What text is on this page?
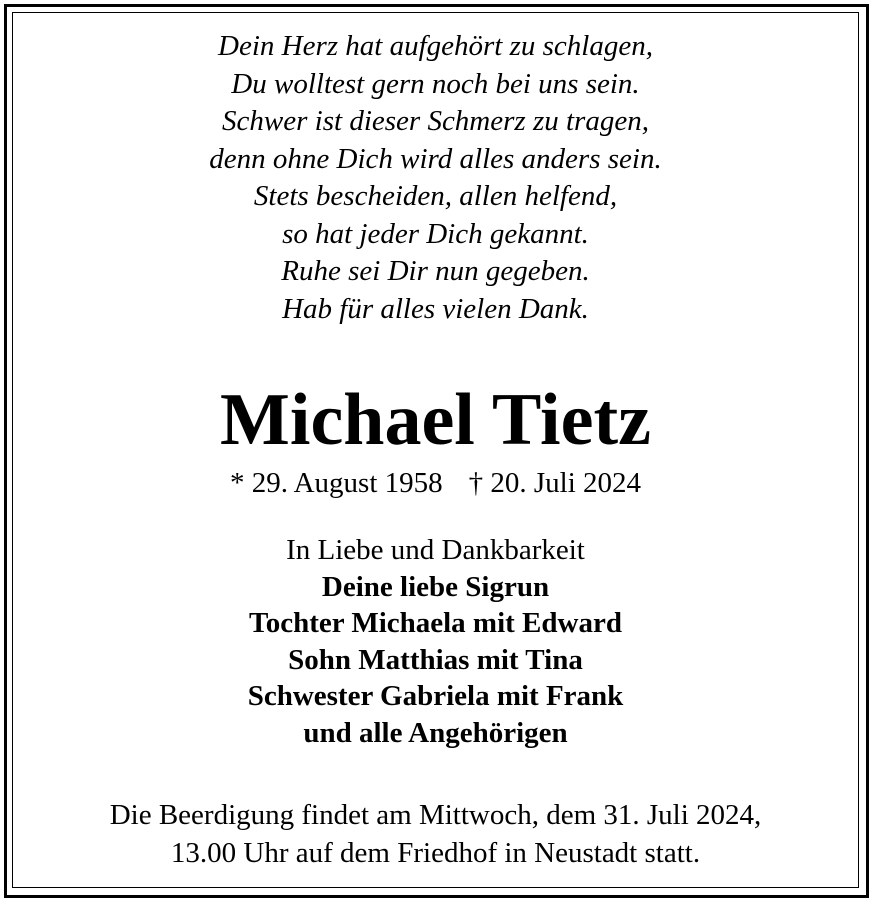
Dein Herz hat aufgehört zu schlagen,
Du wolltest gern noch bei uns sein.
Schwer ist dieser Schmerz zu tragen,
denn ohne Dich wird alles anders sein.
Stets bescheiden, allen helfend,
so hat jeder Dich gekannt.
Ruhe sei Dir nun gegeben.
Hab für alles vielen Dank.
Michael Tietz
* 29. August 1958 † 20. Juli 2024
In Liebe und Dankbarkeit
Deine liebe Sigrun
Tochter Michaela mit Edward
Sohn Matthias mit Tina
Schwester Gabriela mit Frank
und alle Angehörigen
Die Beerdigung findet am Mittwoch, dem 31. Juli 2024,
13.00 Uhr auf dem Friedhof in Neustadt statt.
